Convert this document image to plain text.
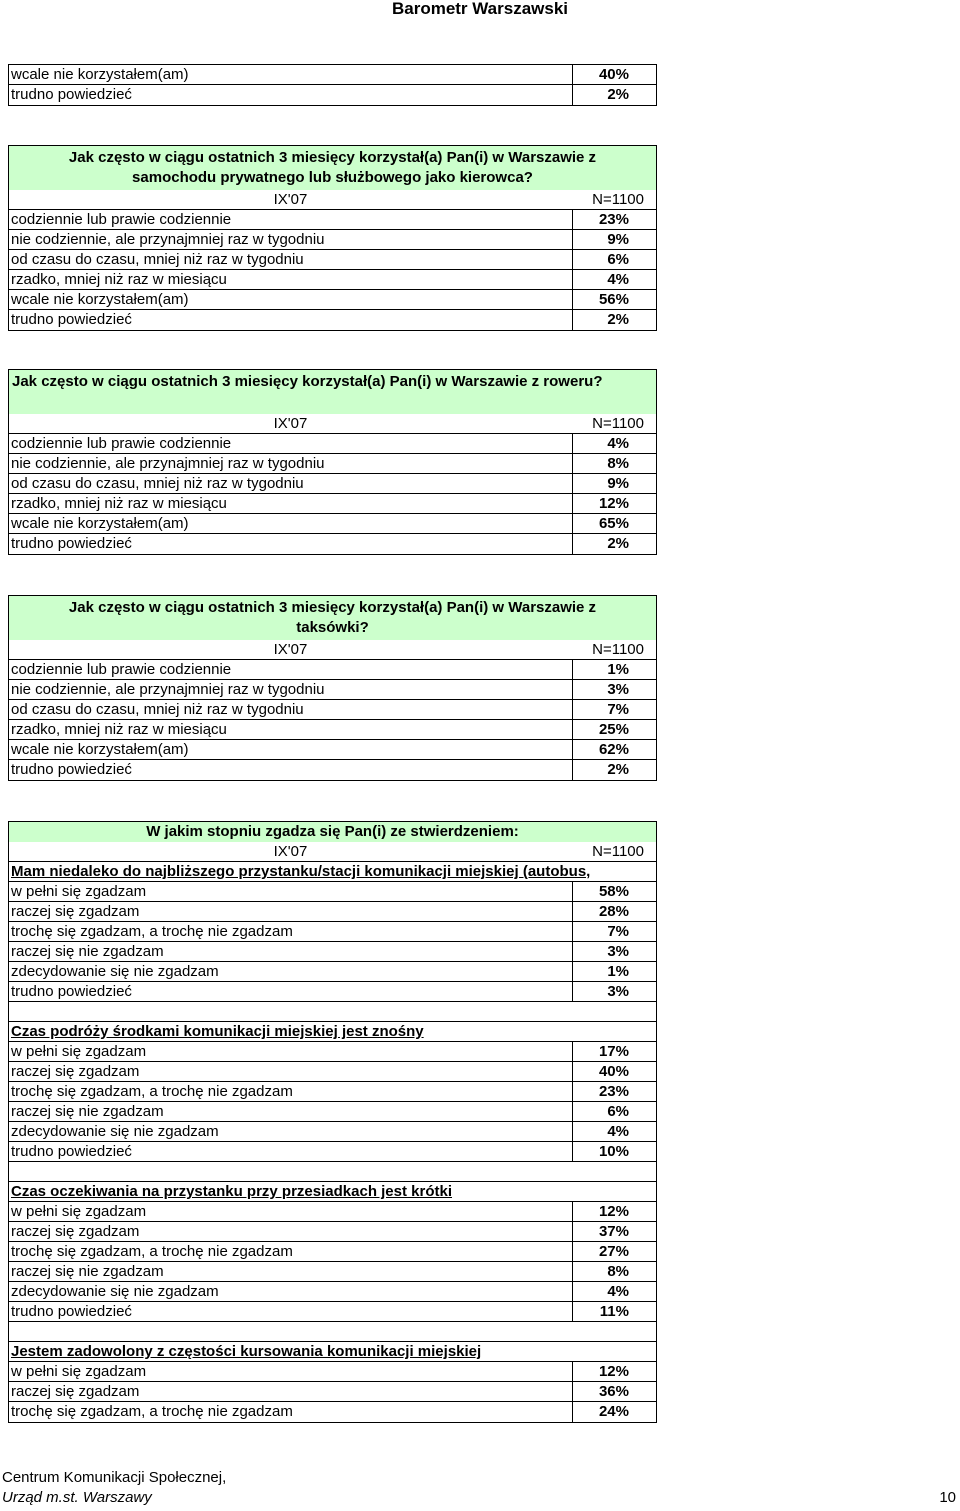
Barometr Warszawski
wcale nie korzystałem(am)	40%
trudno powiedzieć	2%
Jak często w ciągu ostatnich 3 miesięcy korzystał(a) Pan(i) w Warszawie z samochodu prywatnego lub służbowego jako kierowca?
IX'07	N=1100
codziennie lub prawie codziennie	23%
nie codziennie, ale przynajmniej raz w tygodniu	9%
od czasu do czasu, mniej niż raz w tygodniu	6%
rzadko, mniej niż raz w miesiącu	4%
wcale nie korzystałem(am)	56%
trudno powiedzieć	2%
Jak często w ciągu ostatnich 3 miesięcy korzystał(a) Pan(i) w Warszawie z roweru?
IX'07	N=1100
codziennie lub prawie codziennie	4%
nie codziennie, ale przynajmniej raz w tygodniu	8%
od czasu do czasu, mniej niż raz w tygodniu	9%
rzadko, mniej niż raz w miesiącu	12%
wcale nie korzystałem(am)	65%
trudno powiedzieć	2%
Jak często w ciągu ostatnich 3 miesięcy korzystał(a) Pan(i) w Warszawie z taksówki?
IX'07	N=1100
codziennie lub prawie codziennie	1%
nie codziennie, ale przynajmniej raz w tygodniu	3%
od czasu do czasu, mniej niż raz w tygodniu	7%
rzadko, mniej niż raz w miesiącu	25%
wcale nie korzystałem(am)	62%
trudno powiedzieć	2%
W jakim stopniu zgadza się Pan(i) ze stwierdzeniem:
IX'07	N=1100
Mam niedaleko do najbliższego przystanku/stacji komunikacji miejskiej (autobus,
w pełni się zgadzam	58%
raczej się zgadzam	28%
trochę się zgadzam, a trochę nie zgadzam	7%
raczej się nie zgadzam	3%
zdecydowanie się nie zgadzam	1%
trudno powiedzieć	3%
Czas podróży środkami komunikacji miejskiej jest znośny
w pełni się zgadzam	17%
raczej się zgadzam	40%
trochę się zgadzam, a trochę nie zgadzam	23%
raczej się nie zgadzam	6%
zdecydowanie się nie zgadzam	4%
trudno powiedzieć	10%
Czas oczekiwania na przystanku przy przesiadkach jest krótki
w pełni się zgadzam	12%
raczej się zgadzam	37%
trochę się zgadzam, a trochę nie zgadzam	27%
raczej się nie zgadzam	8%
zdecydowanie się nie zgadzam	4%
trudno powiedzieć	11%
Jestem zadowolony z częstości kursowania komunikacji miejskiej
w pełni się zgadzam	12%
raczej się zgadzam	36%
trochę się zgadzam, a trochę nie zgadzam	24%
Centrum Komunikacji Społecznej,
Urząd m.st. Warszawy	10
